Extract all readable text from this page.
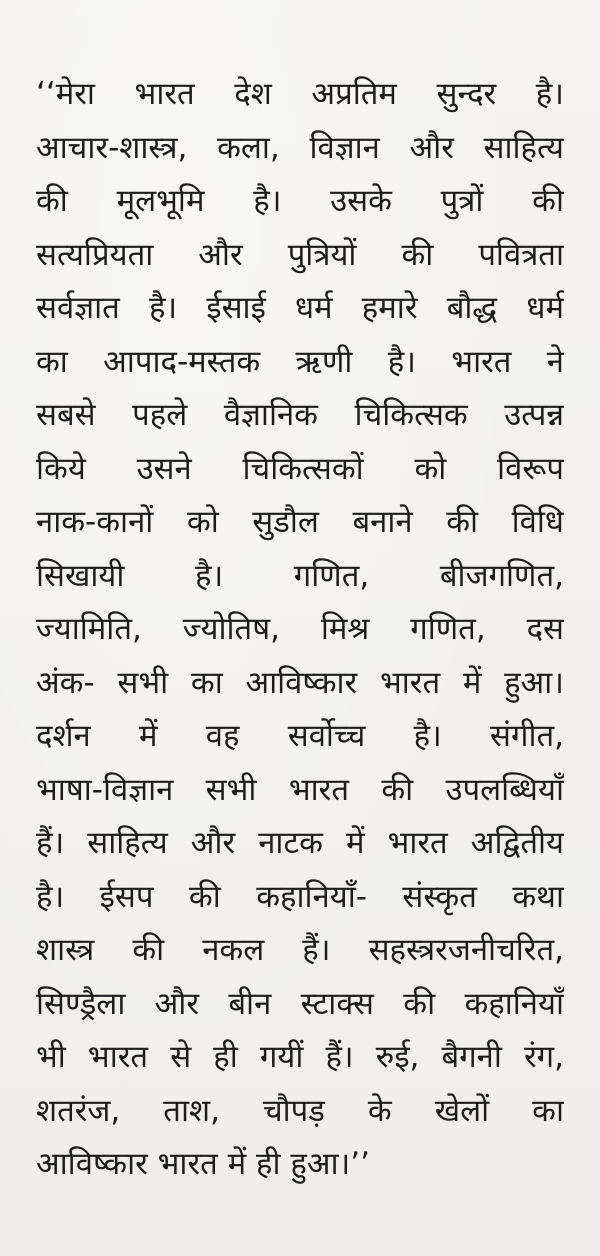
‘‘मेरा भारत देश अप्रतिम सुन्दर है।
आचार-शास्त्र, कला, विज्ञान और साहित्य
की मूलभूमि है। उसके पुत्रों की
सत्यप्रियता और पुत्रियों की पवित्रता
सर्वज्ञात है। ईसाई धर्म हमारे बौद्ध धर्म
का आपाद-मस्तक ऋणी है। भारत ने
सबसे पहले वैज्ञानिक चिकित्सक उत्पन्न
किये उसने चिकित्सकों को विरूप
नाक-कानों को सुडौल बनाने की विधि
सिखायी है। गणित, बीजगणित,
ज्यामिति, ज्योतिष, मिश्र गणित, दस
अंक- सभी का आविष्कार भारत में हुआ।
दर्शन में वह सर्वोच्च है। संगीत,
भाषा-विज्ञान सभी भारत की उपलब्धियाँ
हैं। साहित्य और नाटक में भारत अद्वितीय
है। ईसप की कहानियाँ- संस्कृत कथा
शास्त्र की नकल हैं। सहस्त्ररजनीचरित,
सिण्ड्रैला और बीन स्टाक्स की कहानियाँ
भी भारत से ही गयीं हैं। रुई, बैगनी रंग,
शतरंज, ताश, चौपड़ के खेलों का
आविष्कार भारत में ही हुआ।’’
